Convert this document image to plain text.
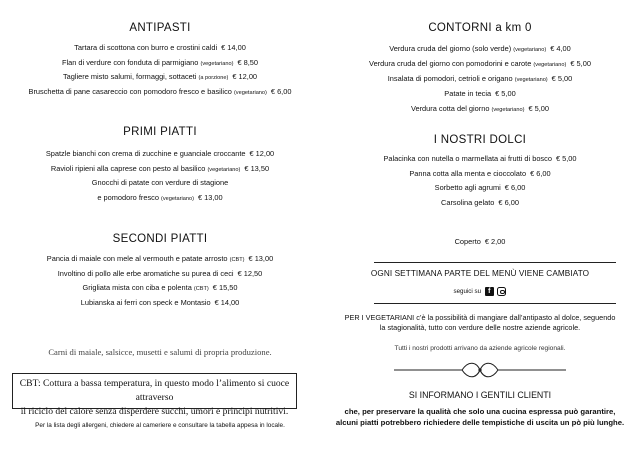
ANTIPASTI
Tartara di scottona con burro e crostini caldi € 14,00
Flan di verdure con fonduta di parmigiano (vegetariano) € 8,50
Tagliere misto salumi, formaggi, sottaceti (a porzione) € 12,00
Bruschetta di pane casareccio con pomodoro fresco e basilico (vegetariano) € 6,00
PRIMI PIATTI
Spatzle bianchi con crema di zucchine e guanciale croccante € 12,00
Ravioli ripieni alla caprese con pesto al basilico (vegetariano) € 13,50
Gnocchi di patate con verdure di stagione
e pomodoro fresco (vegetariano) € 13,00
SECONDI PIATTI
Pancia di maiale con mele al vermouth e patate arrosto (CBT) € 13,00
Involtino di pollo alle erbe aromatiche su purea di ceci € 12,50
Grigliata mista con ciba e polenta (CBT) € 15,50
Lubianska ai ferri con speck e Montasio € 14,00
Carni di maiale, salsicce, musetti e salumi di propria produzione.
CBT: Cottura a bassa temperatura, in questo modo l’alimento si cuoce attraverso
il riciclo del calore senza disperdere succhi, umori e principi nutritivi.
Per la lista degli allergeni, chiedere al cameriere e consultare la tabella appesa in locale.
CONTORNI a km 0
Verdura cruda del giorno (solo verde) (vegetariano) € 4,00
Verdura cruda del giorno con pomodorini e carote (vegetariano) € 5,00
Insalata di pomodori, cetrioli e origano (vegetariano) € 5,00
Patate in tecia € 5,00
Verdura cotta del giorno (vegetariano) € 5,00
I NOSTRI DOLCI
Palacinka con nutella o marmellata ai frutti di bosco € 5,00
Panna cotta alla menta e cioccolato € 6,00
Sorbetto agli agrumi € 6,00
Carsolina gelato € 6,00
Coperto € 2,00
OGNI SETTIMANA PARTE DEL MENÙ VIENE CAMBIATO
seguici su f
PER I VEGETARIANI c’è la possibilità di mangiare dall’antipasto al dolce, seguendo
la stagionalità, tutto con verdure delle nostre aziende agricole.
Tutti i nostri prodotti arrivano da aziende agricole regionali.
SI INFORMANO I GENTILI CLIENTI
che, per preservare la qualità che solo una cucina espressa può garantire,
alcuni piatti potrebbero richiedere delle tempistiche di uscita un pò più lunghe.
